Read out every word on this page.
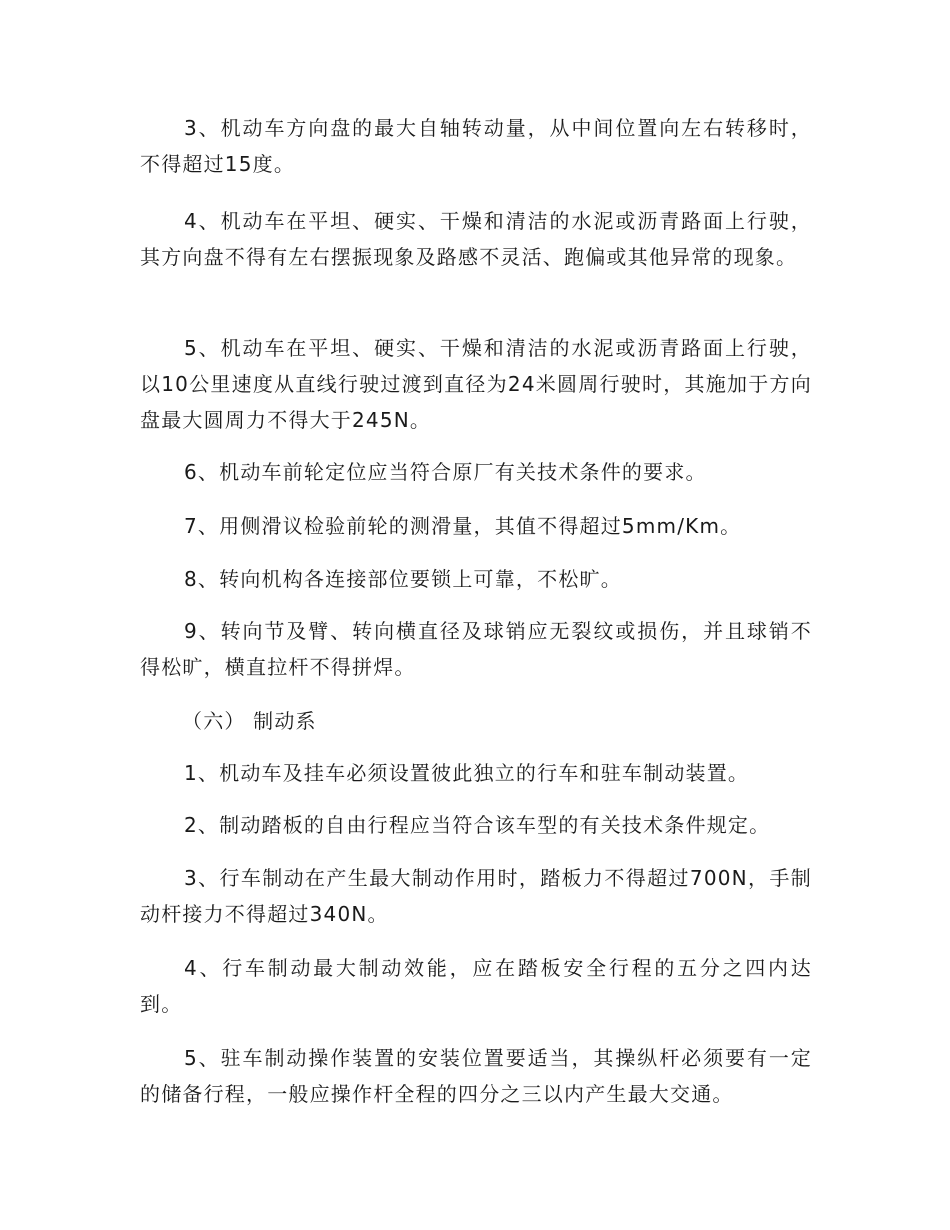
3、机动车方向盘的最大自轴转动量，从中间位置向左右转移时，不得超过15度。

4、机动车在平坦、硬实、干燥和清洁的水泥或沥青路面上行驶，其方向盘不得有左右摆振现象及路感不灵活、跑偏或其他异常的现象。

5、机动车在平坦、硬实、干燥和清洁的水泥或沥青路面上行驶，以10公里速度从直线行驶过渡到直径为24米圆周行驶时，其施加于方向盘最大圆周力不得大于245N。

6、机动车前轮定位应当符合原厂有关技术条件的要求。

7、用侧滑议检验前轮的测滑量，其值不得超过5mm/Km。

8、转向机构各连接部位要锁上可靠，不松旷。

9、转向节及臂、转向横直径及球销应无裂纹或损伤，并且球销不得松旷，横直拉杆不得拼焊。

（六） 制动系

1、机动车及挂车必须设置彼此独立的行车和驻车制动装置。

2、制动踏板的自由行程应当符合该车型的有关技术条件规定。

3、行车制动在产生最大制动作用时，踏板力不得超过700N，手制动杆接力不得超过340N。

4、行车制动最大制动效能，应在踏板安全行程的五分之四内达到。

5、驻车制动操作装置的安装位置要适当，其操纵杆必须要有一定的储备行程，一般应操作杆全程的四分之三以内产生最大交通。
